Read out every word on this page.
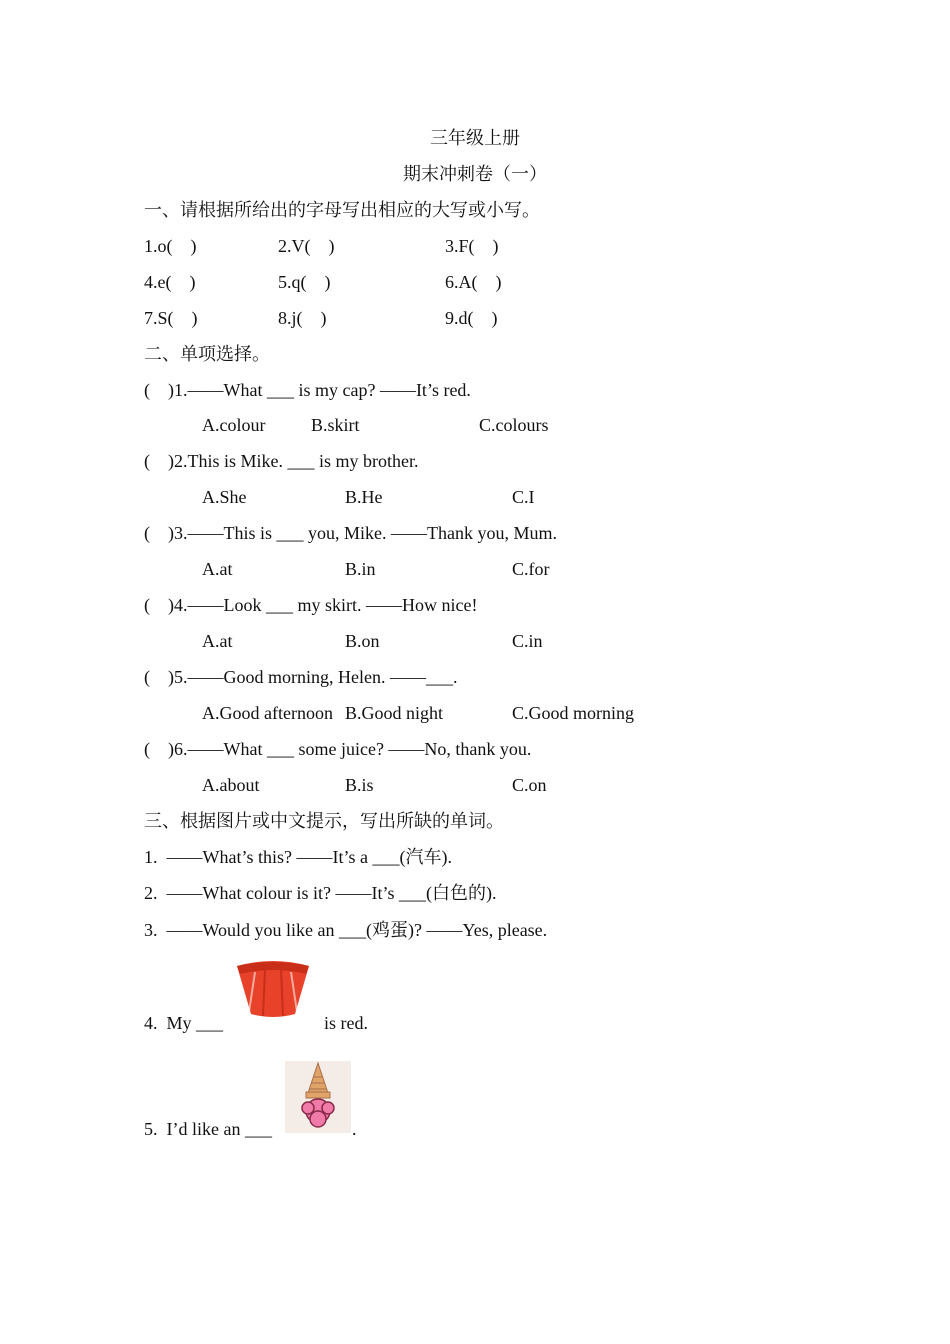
三年级上册
期末冲刺卷（一）
一、请根据所给出的字母写出相应的大写或小写。
1.o(    )	2.V(    )	3.F(    )
4.e(    )	5.q(    )	6.A(    )
7.S(    )	8.j(    )	9.d(    )
二、单项选择。
(    )1.——What ___ is my cap? ——It’s red.
A.colour	B.skirt	C.colours
(    )2.This is Mike. ___ is my brother.
A.She	B.He	C.I
(    )3.——This is ___ you, Mike. ——Thank you, Mum.
A.at	B.in	C.for
(    )4.——Look ___ my skirt. ——How nice!
A.at	B.on	C.in
(    )5.——Good morning, Helen. ——___.
A.Good afternoon B.Good night	C.Good morning
(    )6.——What ___ some juice? ——No, thank you.
A.about	B.is	C.on
三、根据图片或中文提示，写出所缺的单词。
1.  ——What’s this? ——It’s a ___(汽车).
2.  ——What colour is it? ——It’s ___(白色的).
3.  ——Would you like an ___(鸡蛋)? ——Yes, please.
4.  My ___	is red.
5.  I’d like an ___	.
